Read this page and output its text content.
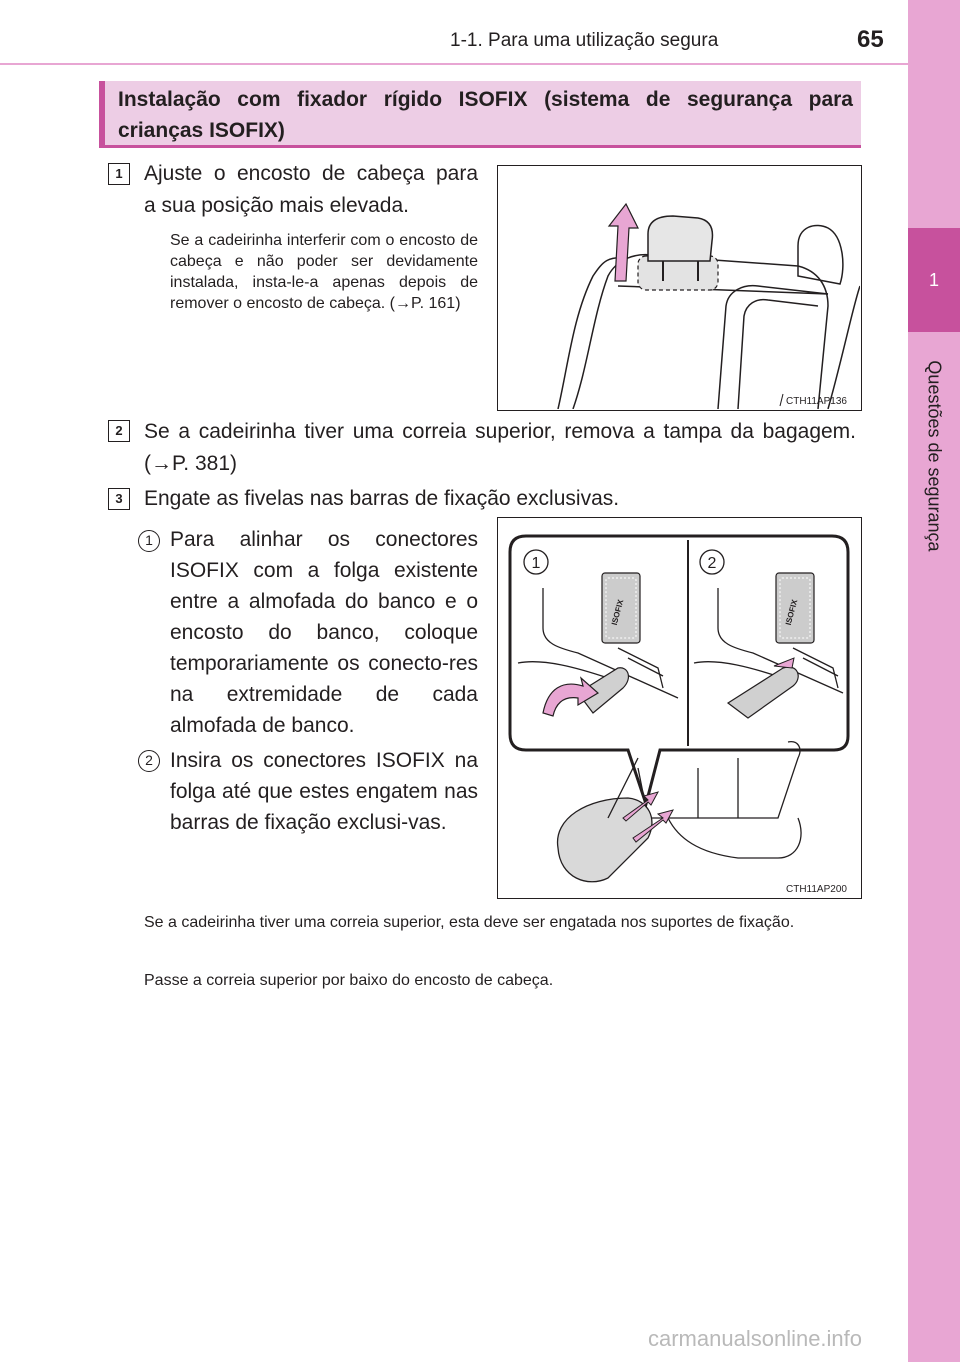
1-1. Para uma utilização segura	65
1
Questões de segurança
Instalação com fixador rígido ISOFIX (sistema de segurança para crianças ISOFIX)
1	Ajuste o encosto de cabeça para
a sua posição mais elevada.
Se a cadeirinha interferir com o encosto de cabeça e não poder ser devidamente instalada, insta-le-a apenas depois de remover o encosto de cabeça. (→P. 161)
CTH11AP136
2	Se a cadeirinha tiver uma correia superior, remova a tampa da bagagem. (→P. 381)
3	Engate as fivelas nas barras de fixação exclusivas.
1 Para alinhar os conectores ISOFIX com a folga existente entre a almofada do banco e o encosto do banco, coloque temporariamente os conecto-res na extremidade de cada almofada de banco.
2 Insira os conectores ISOFIX na folga até que estes engatem nas barras de fixação exclusi-vas.
1	2
ISOFIX	ISOFIX
CTH11AP200
Se a cadeirinha tiver uma correia superior, esta deve ser engatada nos suportes de fixação.
Passe a correia superior por baixo do encosto de cabeça.
carmanualsonline.info
